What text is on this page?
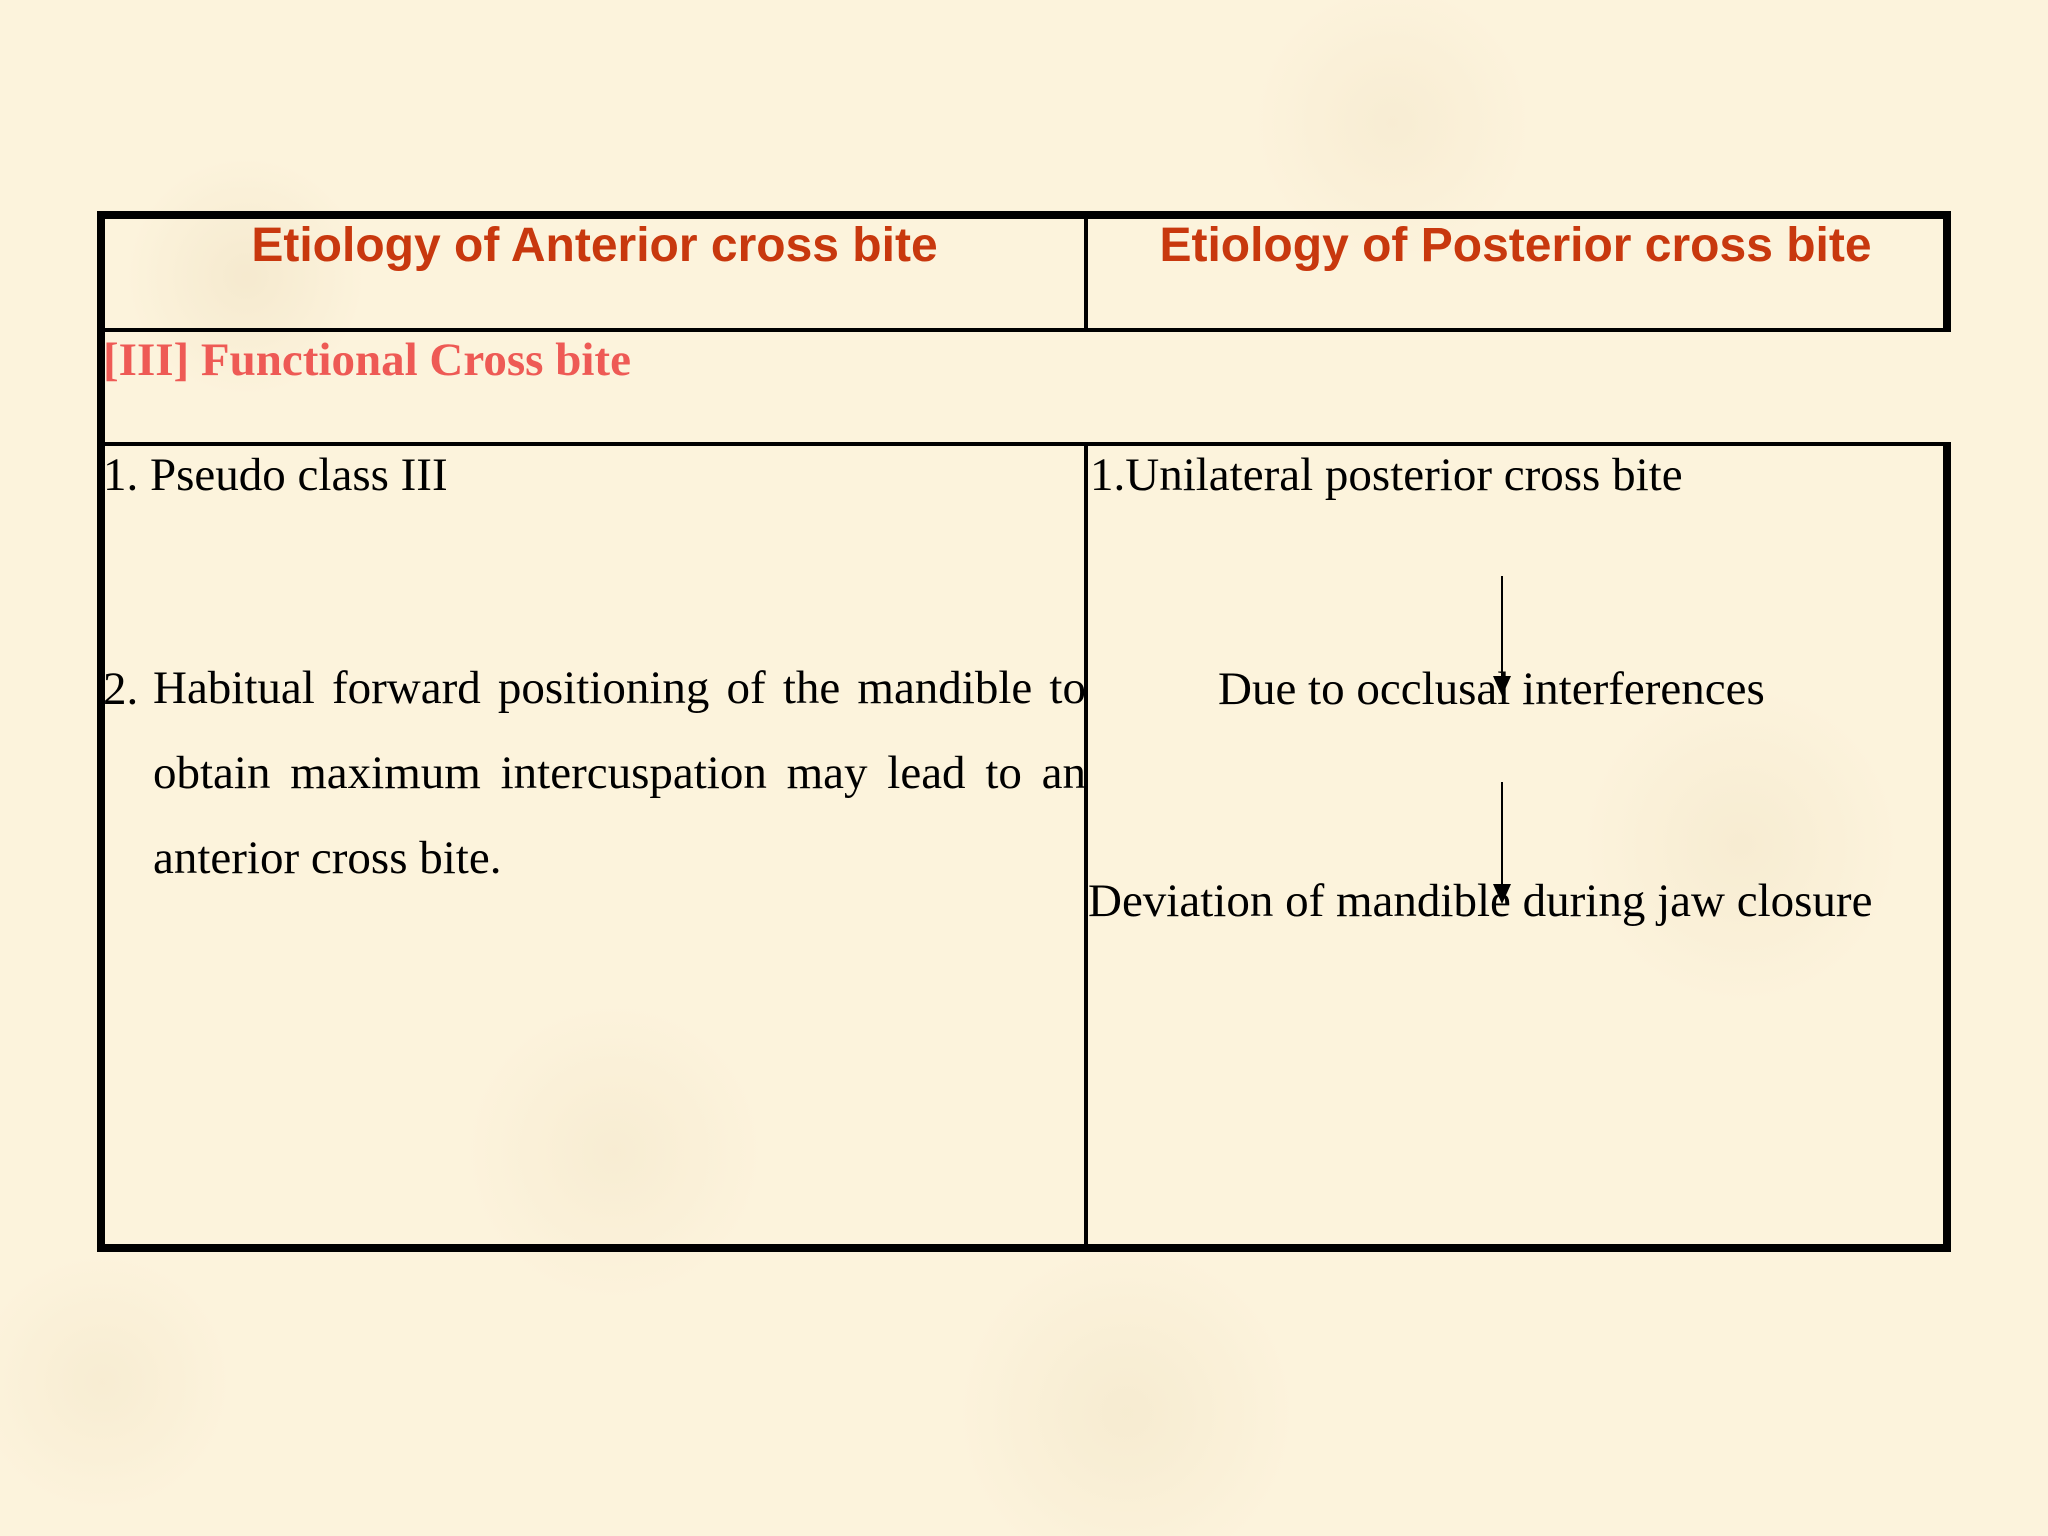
Etiology of Anterior cross bite	Etiology of Posterior cross bite
[III] Functional Cross bite
1. Pseudo class III
2. Habitual forward positioning of the mandible to obtain maximum intercuspation may lead to an anterior cross bite.
1.Unilateral posterior cross bite
Due to occlusal interferences
Deviation of mandible during jaw closure
